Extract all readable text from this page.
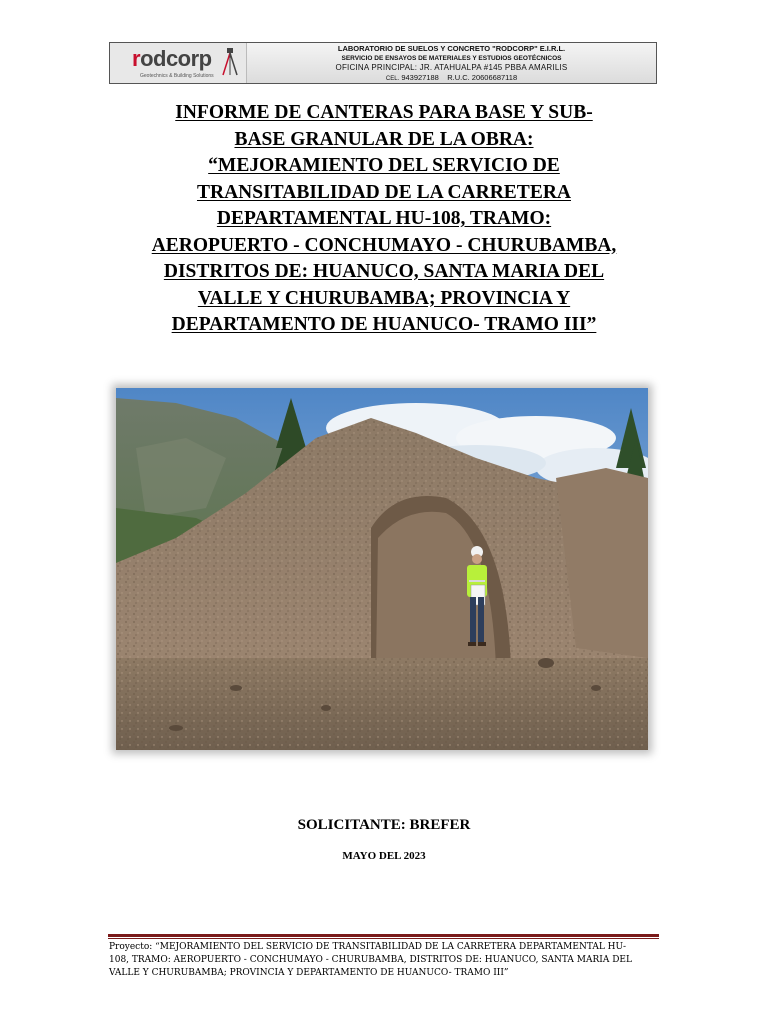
rodcorp
Geotechnics & Building Solutions
LABORATORIO DE SUELOS Y CONCRETO "RODCORP" E.I.R.L.
SERVICIO DE ENSAYOS DE MATERIALES Y ESTUDIOS GEOTÉCNICOS
OFICINA PRINCIPAL: JR. ATAHUALPA #145 PBBA AMARILIS
CEL. 943927188 R.U.C. 20606687118
INFORME DE CANTERAS PARA BASE Y SUB-
BASE GRANULAR DE LA OBRA:
“MEJORAMIENTO DEL SERVICIO DE
TRANSITABILIDAD DE LA CARRETERA
DEPARTAMENTAL HU-108, TRAMO:
AEROPUERTO - CONCHUMAYO - CHURUBAMBA,
DISTRITOS DE: HUANUCO, SANTA MARIA DEL
VALLE Y CHURUBAMBA; PROVINCIA Y
DEPARTAMENTO DE HUANUCO- TRAMO III”
SOLICITANTE: BREFER
MAYO DEL 2023
Proyecto: “MEJORAMIENTO DEL SERVICIO DE TRANSITABILIDAD DE LA CARRETERA DEPARTAMENTAL HU-
108, TRAMO: AEROPUERTO - CONCHUMAYO - CHURUBAMBA, DISTRITOS DE: HUANUCO, SANTA MARIA DEL
VALLE Y CHURUBAMBA; PROVINCIA Y DEPARTAMENTO DE HUANUCO- TRAMO III”
